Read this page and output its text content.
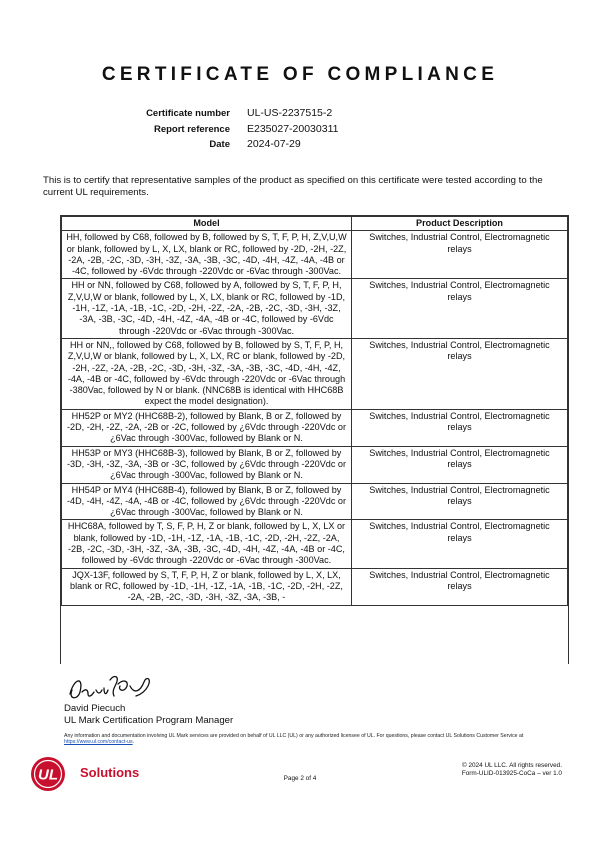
CERTIFICATE OF COMPLIANCE
Certificate number UL-US-2237515-2
Report reference E235027-20030311
Date 2024-07-29
This is to certify that representative samples of the product as specified on this certificate were tested according to the current UL requirements.
Model	Product Description
HH, followed by C68, followed by B, followed by S, T, F, P, H, Z,V,U,W or blank, followed by L, X, LX, blank or RC, followed by -2D, -2H, -2Z, -2A, -2B, -2C, -3D, -3H, -3Z, -3A, -3B, -3C, -4D, -4H, -4Z, -4A, -4B or -4C, followed by -6Vdc through -220Vdc or -6Vac through -300Vac.	Switches, Industrial Control, Electromagnetic relays
HH or NN, followed by C68, followed by A, followed by S, T, F, P, H, Z,V,U,W or blank, followed by L, X, LX, blank or RC, followed by -1D, -1H, -1Z, -1A, -1B, -1C, -2D, -2H, -2Z, -2A, -2B, -2C, -3D, -3H, -3Z, -3A, -3B, -3C, -4D, -4H, -4Z, -4A, -4B or -4C, followed by -6Vdc through -220Vdc or -6Vac through -300Vac.	Switches, Industrial Control, Electromagnetic relays
HH or NN,, followed by C68, followed by B, followed by S, T, F, P, H, Z,V,U,W or blank, followed by L, X, LX, RC or blank, followed by -2D, -2H, -2Z, -2A, -2B, -2C, -3D, -3H, -3Z, -3A, -3B, -3C, -4D, -4H, -4Z, -4A, -4B or -4C, followed by -6Vdc through -220Vdc or -6Vac through -380Vac, followed by N or blank. (NNC68B is identical with HHC68B expect the model designation).	Switches, Industrial Control, Electromagnetic relays
HH52P or MY2 (HHC68B-2), followed by Blank, B or Z, followed by -2D, -2H, -2Z, -2A, -2B or -2C, followed by ¿6Vdc through -220Vdc or ¿6Vac through -300Vac, followed by Blank or N.	Switches, Industrial Control, Electromagnetic relays
HH53P or MY3 (HHC68B-3), followed by Blank, B or Z, followed by -3D, -3H, -3Z, -3A, -3B or -3C, followed by ¿6Vdc through -220Vdc or ¿6Vac through -300Vac, followed by Blank or N.	Switches, Industrial Control, Electromagnetic relays
HH54P or MY4 (HHC68B-4), followed by Blank, B or Z, followed by -4D, -4H, -4Z, -4A, -4B or -4C, followed by ¿6Vdc through -220Vdc or ¿6Vac through -300Vac, followed by Blank or N.	Switches, Industrial Control, Electromagnetic relays
HHC68A, followed by T, S, F, P, H, Z or blank, followed by L, X, LX or blank, followed by -1D, -1H, -1Z, -1A, -1B, -1C, -2D, -2H, -2Z, -2A, -2B, -2C, -3D, -3H, -3Z, -3A, -3B, -3C, -4D, -4H, -4Z, -4A, -4B or -4C, followed by -6Vdc through -220Vdc or -6Vac through -300Vac.	Switches, Industrial Control, Electromagnetic relays
JQX-13F, followed by S, T, F, P, H, Z or blank, followed by L, X, LX, blank or RC, followed by -1D, -1H, -1Z, -1A, -1B, -1C, -2D, -2H, -2Z, -2A, -2B, -2C, -3D, -3H, -3Z, -3A, -3B, -	Switches, Industrial Control, Electromagnetic relays
David Piecuch
UL Mark Certification Program Manager
Any information and documentation involving UL Mark services are provided on behalf of UL LLC (UL) or any authorized licensee of UL. For questions, please contact UL Solutions Customer Service at https://www.ul.com/contact-us.
UL Solutions	Page 2 of 4
© 2024 UL LLC. All rights reserved.
Form-ULID-013925-CoCa – ver 1.0
